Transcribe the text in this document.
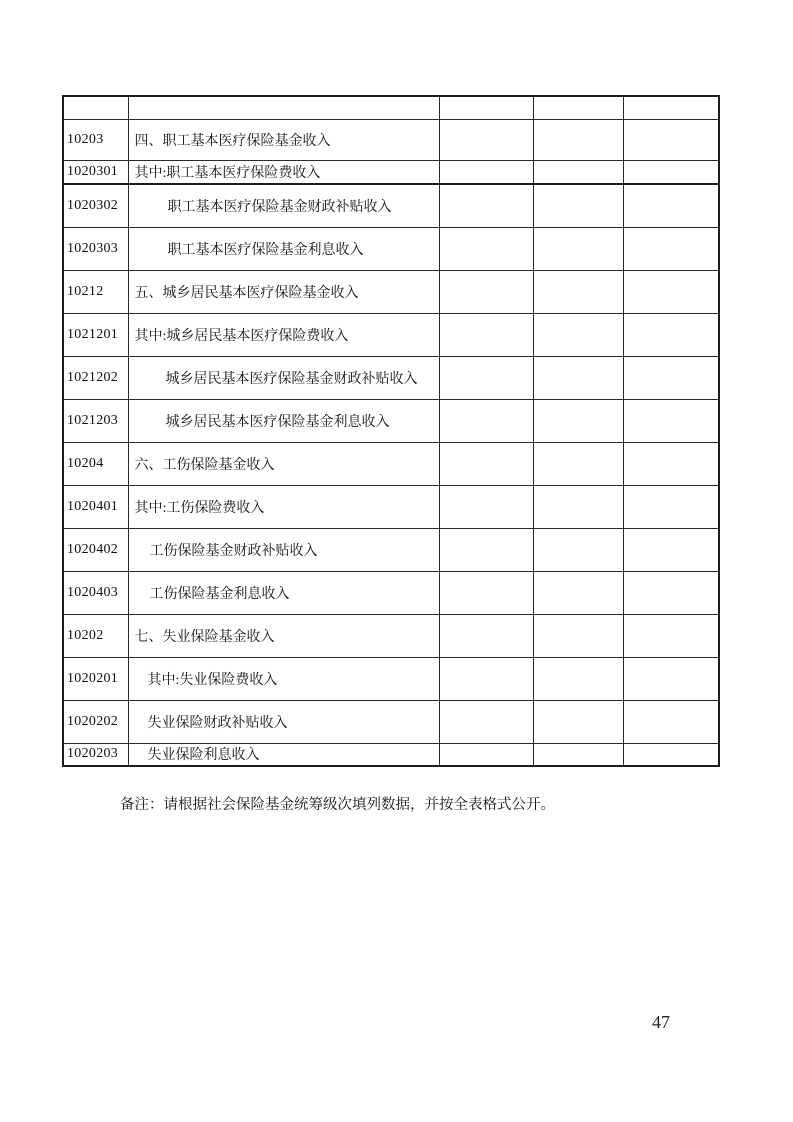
10203	四、职工基本医疗保险基金收入			
1020301	其中:职工基本医疗保险费收入			
1020302	职工基本医疗保险基金财政补贴收入			
1020303	职工基本医疗保险基金利息收入			
10212	五、城乡居民基本医疗保险基金收入			
1021201	其中:城乡居民基本医疗保险费收入			
1021202	城乡居民基本医疗保险基金财政补贴收入			
1021203	城乡居民基本医疗保险基金利息收入			
10204	六、工伤保险基金收入			
1020401	其中:工伤保险费收入			
1020402	工伤保险基金财政补贴收入			
1020403	工伤保险基金利息收入			
10202	七、失业保险基金收入			
1020201	其中:失业保险费收入			
1020202	失业保险财政补贴收入			
1020203	失业保险利息收入			
备注：请根据社会保险基金统筹级次填列数据，并按全表格式公开。
47
